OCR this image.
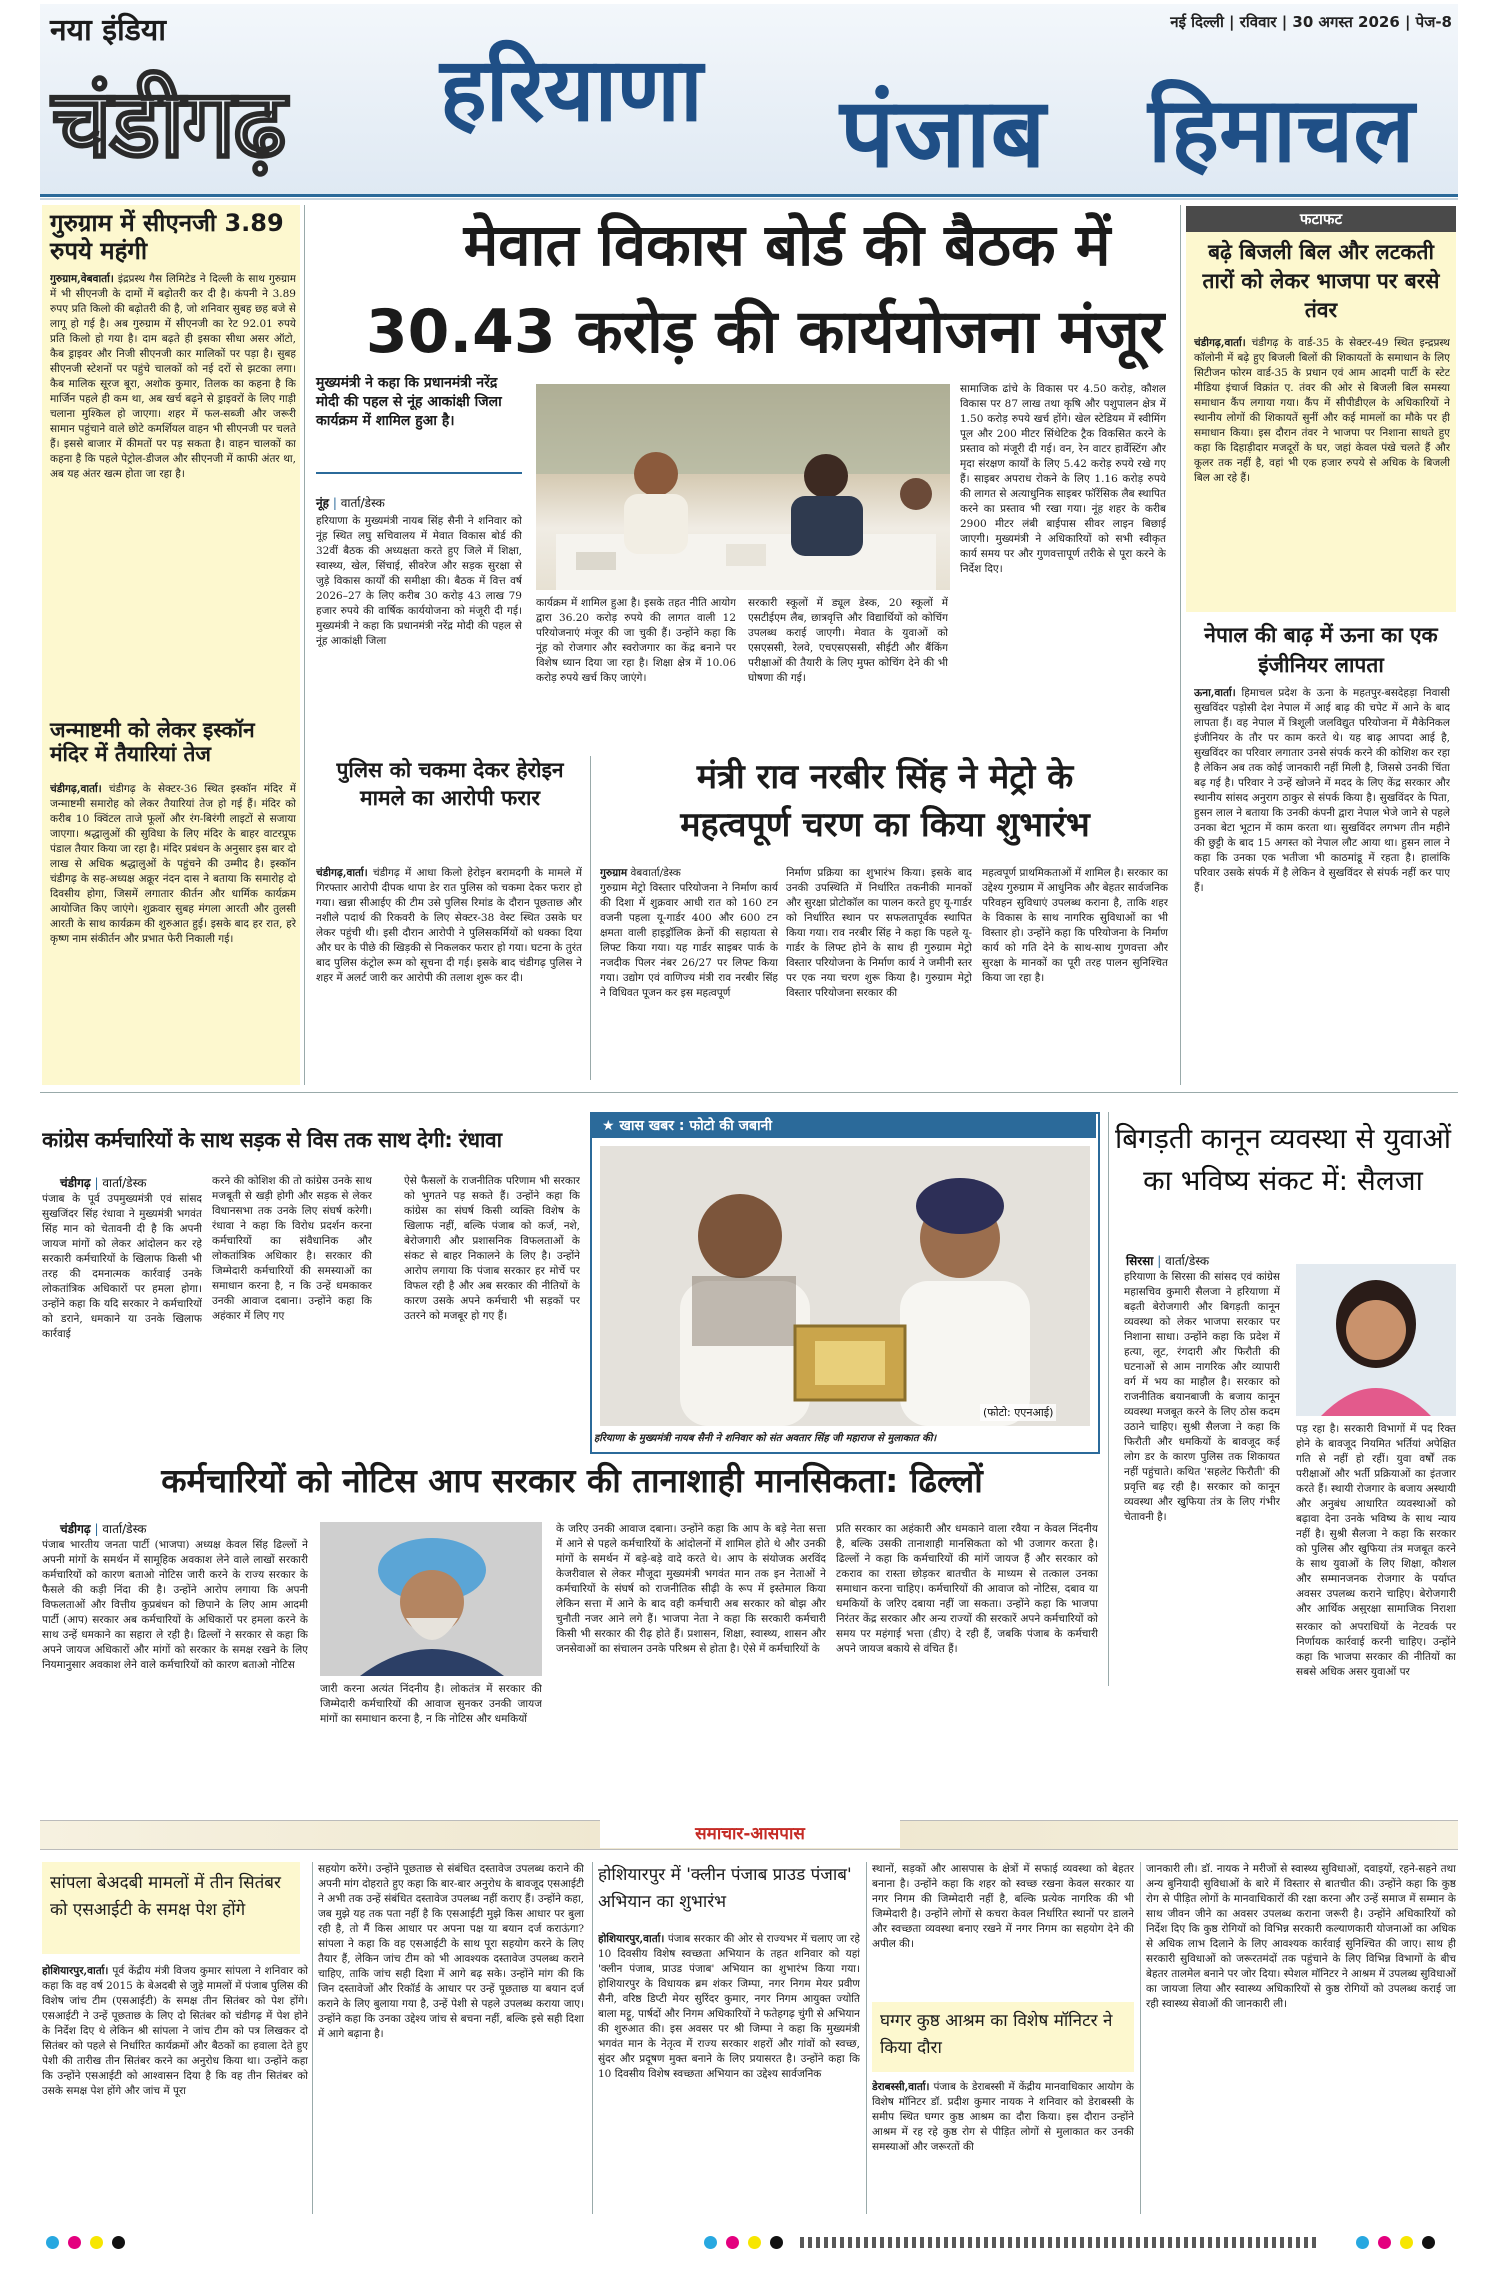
नया इंडिया
चंडीगढ़ हरियाणा पंजाब हिमाचल
नई दिल्ली | रविवार | 30 अगस्त 2026 | पेज-8
गुरुग्राम में सीएनजी 3.89 रुपये महंगी

गुरुग्राम,वेबवार्ता। इंद्रप्रस्थ गैस लिमिटेड ने दिल्ली के साथ गुरुग्राम में भी सीएनजी के दामों में बढ़ोतरी कर दी है। कंपनी ने 3.89 रुपए प्रति किलो की बढ़ोतरी की है, जो शनिवार सुबह छह बजे से लागू हो गई है। अब गुरुग्राम में सीएनजी का रेट 92.01 रुपये प्रति किलो हो गया है। दाम बढ़ते ही इसका सीधा असर ऑटो, कैब ड्राइवर और निजी सीएनजी कार मालिकों पर पड़ा है। सुबह सीएनजी स्टेशनों पर पहुंचे चालकों को नई दरों से झटका लगा। कैब मालिक सूरज बूरा, अशोक कुमार, तिलक का कहना है कि मार्जिन पहले ही कम था, अब खर्च बढ़ने से ड्राइवरों के लिए गाड़ी चलाना मुश्किल हो जाएगा। शहर में फल-सब्जी और जरूरी सामान पहुंचाने वाले छोटे कमर्शियल वाहन भी सीएनजी पर चलते हैं। इससे बाजार में कीमतों पर पड़ सकता है। वाहन चालकों का कहना है कि पहले पेट्रोल-डीजल और सीएनजी में काफी अंतर था, अब यह अंतर खत्म होता जा रहा है।

जन्माष्टमी को लेकर इस्कॉन मंदिर में तैयारियां तेज

चंडीगढ़,वार्ता। चंडीगढ़ के सेक्टर-36 स्थित इस्कॉन मंदिर में जन्माष्टमी समारोह को लेकर तैयारियां तेज हो गई हैं। मंदिर को करीब 10 क्विंटल ताजे फूलों और रंग-बिरंगी लाइटों से सजाया जाएगा। श्रद्धालुओं की सुविधा के लिए मंदिर के बाहर वाटरप्रूफ पंडाल तैयार किया जा रहा है। मंदिर प्रबंधन के अनुसार इस बार दो लाख से अधिक श्रद्धालुओं के पहुंचने की उम्मीद है। इस्कॉन चंडीगढ़ के सह-अध्यक्ष अक्रूर नंदन दास ने बताया कि समारोह दो दिवसीय होगा, जिसमें लगातार कीर्तन और धार्मिक कार्यक्रम आयोजित किए जाएंगे। शुक्रवार सुबह मंगला आरती और तुलसी आरती के साथ कार्यक्रम की शुरुआत हुई। इसके बाद हर रात, हरे कृष्ण नाम संकीर्तन और प्रभात फेरी निकाली गई।

मेवात विकास बोर्ड की बैठक में
30.43 करोड़ की कार्ययोजना मंजूर
मुख्यमंत्री ने कहा कि प्रधानमंत्री नरेंद्र मोदी की पहल से नूंह आकांक्षी जिला कार्यक्रम में शामिल हुआ है।
नूंह | वार्ता/डेस्क

हरियाणा के मुख्यमंत्री नायब सिंह सैनी ने शनिवार को नूंह स्थित लघु सचिवालय में मेवात विकास बोर्ड की 32वीं बैठक की अध्यक्षता करते हुए जिले में शिक्षा, स्वास्थ्य, खेल, सिंचाई, सीवरेज और सड़क सुरक्षा से जुड़े विकास कार्यों की समीक्षा की। बैठक में वित्त वर्ष 2026–27 के लिए करीब 30 करोड़ 43 लाख 79 हजार रुपये की वार्षिक कार्ययोजना को मंजूरी दी गई। मुख्यमंत्री ने कहा कि प्रधानमंत्री नरेंद्र मोदी की पहल से नूंह आकांक्षी जिला

कार्यक्रम में शामिल हुआ है। इसके तहत नीति आयोग द्वारा 36.20 करोड़ रुपये की लागत वाली 12 परियोजनाएं मंजूर की जा चुकी हैं। उन्होंने कहा कि नूंह को रोजगार और स्वरोजगार का केंद्र बनाने पर विशेष ध्यान दिया जा रहा है। शिक्षा क्षेत्र में 10.06 करोड़ रुपये खर्च किए जाएंगे।

सरकारी स्कूलों में ड्यूल डेस्क, 20 स्कूलों में एसटीईएम लैब, छात्रवृत्ति और विद्यार्थियों को कोचिंग उपलब्ध कराई जाएगी। मेवात के युवाओं को एसएससी, रेलवे, एचएसएससी, सीईटी और बैंकिंग परीक्षाओं की तैयारी के लिए मुफ्त कोचिंग देने की भी घोषणा की गई।

सामाजिक ढांचे के विकास पर 4.50 करोड़, कौशल विकास पर 87 लाख तथा कृषि और पशुपालन क्षेत्र में 1.50 करोड़ रुपये खर्च होंगे। खेल स्टेडियम में स्वीमिंग पूल और 200 मीटर सिंथेटिक ट्रैक विकसित करने के प्रस्ताव को मंजूरी दी गई। वन, रेन वाटर हार्वेस्टिंग और मृदा संरक्षण कार्यों के लिए 5.42 करोड़ रुपये रखे गए हैं। साइबर अपराध रोकने के लिए 1.16 करोड़ रुपये की लागत से अत्याधुनिक साइबर फॉरेंसिक लैब स्थापित करने का प्रस्ताव भी रखा गया। नूंह शहर के करीब 2900 मीटर लंबी बाईपास सीवर लाइन बिछाई जाएगी। मुख्यमंत्री ने अधिकारियों को सभी स्वीकृत कार्य समय पर और गुणवत्तापूर्ण तरीके से पूरा करने के निर्देश दिए।

पुलिस को चकमा देकर हेरोइन मामले का आरोपी फरार

चंडीगढ़,वार्ता। चंडीगढ़ में आधा किलो हेरोइन बरामदगी के मामले में गिरफ्तार आरोपी दीपक थापा डेर रात पुलिस को चकमा देकर फरार हो गया। खन्ना सीआईए की टीम उसे पुलिस रिमांड के दौरान पूछताछ और नशीले पदार्थ की रिकवरी के लिए सेक्टर-38 वेस्ट स्थित उसके घर लेकर पहुंची थी। इसी दौरान आरोपी ने पुलिसकर्मियों को धक्का दिया और घर के पीछे की खिड़की से निकलकर फरार हो गया। घटना के तुरंत बाद पुलिस कंट्रोल रूम को सूचना दी गई। इसके बाद चंडीगढ़ पुलिस ने शहर में अलर्ट जारी कर आरोपी की तलाश शुरू कर दी।

मंत्री राव नरबीर सिंह ने मेट्रो के
महत्वपूर्ण चरण का किया शुभारंभ

गुरुग्राम वेबवार्ता/डेस्क
गुरुग्राम मेट्रो विस्तार परियोजना ने निर्माण कार्य की दिशा में शुक्रवार आधी रात को 160 टन वजनी पहला यू-गार्डर 400 और 600 टन क्षमता वाली हाइड्रॉलिक क्रेनों की सहायता से लिफ्ट किया गया। यह गार्डर साइबर पार्क के नजदीक पिलर नंबर 26/27 पर लिफ्ट किया गया। उद्योग एवं वाणिज्य मंत्री राव नरबीर सिंह ने विधिवत पूजन कर इस महत्वपूर्ण

निर्माण प्रक्रिया का शुभारंभ किया। इसके बाद उनकी उपस्थिति में निर्धारित तकनीकी मानकों और सुरक्षा प्रोटोकॉल का पालन करते हुए यू-गार्डर को निर्धारित स्थान पर सफलतापूर्वक स्थापित किया गया। राव नरबीर सिंह ने कहा कि पहले यू-गार्डर के लिफ्ट होने के साथ ही गुरुग्राम मेट्रो विस्तार परियोजना के निर्माण कार्य ने जमीनी स्तर पर एक नया चरण शुरू किया है। गुरुग्राम मेट्रो विस्तार परियोजना सरकार की

महत्वपूर्ण प्राथमिकताओं में शामिल है। सरकार का उद्देश्य गुरुग्राम में आधुनिक और बेहतर सार्वजनिक परिवहन सुविधाएं उपलब्ध कराना है, ताकि शहर के विकास के साथ नागरिक सुविधाओं का भी विस्तार हो। उन्होंने कहा कि परियोजना के निर्माण कार्य को गति देने के साथ-साथ गुणवत्ता और सुरक्षा के मानकों का पूरी तरह पालन सुनिश्चित किया जा रहा है।

फटाफट
बढ़े बिजली बिल और लटकती तारों को लेकर भाजपा पर बरसे तंवर

चंडीगढ़,वार्ता। चंडीगढ़ के वार्ड-35 के सेक्टर-49 स्थित इन्द्रप्रस्थ कॉलोनी में बढ़े हुए बिजली बिलों की शिकायतों के समाधान के लिए सिटीजन फोरम वार्ड-35 के प्रधान एवं आम आदमी पार्टी के स्टेट मीडिया इंचार्ज विक्रांत ए. तंवर की ओर से बिजली बिल समस्या समाधान कैंप लगाया गया। कैंप में सीपीडीएल के अधिकारियों ने स्थानीय लोगों की शिकायतें सुनीं और कई मामलों का मौके पर ही समाधान किया। इस दौरान तंवर ने भाजपा पर निशाना साधते हुए कहा कि दिहाड़ीदार मजदूरों के घर, जहां केवल पंखे चलते हैं और कूलर तक नहीं है, वहां भी एक हजार रुपये से अधिक के बिजली बिल आ रहे हैं।

नेपाल की बाढ़ में ऊना का एक इंजीनियर लापता

ऊना,वार्ता। हिमाचल प्रदेश के ऊना के महतपुर-बसदेहड़ा निवासी सुखविंदर पड़ोसी देश नेपाल में आई बाढ़ की चपेट में आने के बाद लापता हैं। वह नेपाल में त्रिशूली जलविद्युत परियोजना में मैकेनिकल इंजीनियर के तौर पर काम करते थे। यह बाढ़ आपदा आई है, सुखविंदर का परिवार लगातार उनसे संपर्क करने की कोशिश कर रहा है लेकिन अब तक कोई जानकारी नहीं मिली है, जिससे उनकी चिंता बढ़ गई है। परिवार ने उन्हें खोजने में मदद के लिए केंद्र सरकार और स्थानीय सांसद अनुराग ठाकुर से संपर्क किया है। सुखविंदर के पिता, हुसन लाल ने बताया कि उनकी कंपनी द्वारा नेपाल भेजे जाने से पहले उनका बेटा भूटान में काम करता था। सुखविंदर लगभग तीन महीने की छुट्टी के बाद 15 अगस्त को नेपाल लौट आया था। हुसन लाल ने कहा कि उनका एक भतीजा भी काठमांडू में रहता है। हालांकि परिवार उसके संपर्क में है लेकिन वे सुखविंदर से संपर्क नहीं कर पाए हैं।

कांग्रेस कर्मचारियों के साथ सड़क से विस तक साथ देगी: रंधावा
चंडीगढ़ | वार्ता/डेस्क

पंजाब के पूर्व उपमुख्यमंत्री एवं सांसद सुखजिंदर सिंह रंधावा ने मुख्यमंत्री भगवंत सिंह मान को चेतावनी दी है कि अपनी जायज मांगों को लेकर आंदोलन कर रहे सरकारी कर्मचारियों के खिलाफ किसी भी तरह की दमनात्मक कार्रवाई उनके लोकतांत्रिक अधिकारों पर हमला होगा। उन्होंने कहा कि यदि सरकार ने कर्मचारियों को डराने, धमकाने या उनके खिलाफ कार्रवाई

करने की कोशिश की तो कांग्रेस उनके साथ मजबूती से खड़ी होगी और सड़क से लेकर विधानसभा तक उनके लिए संघर्ष करेगी। रंधावा ने कहा कि विरोध प्रदर्शन करना कर्मचारियों का संवैधानिक और लोकतांत्रिक अधिकार है। सरकार की जिम्मेदारी कर्मचारियों की समस्याओं का समाधान करना है, न कि उन्हें धमकाकर उनकी आवाज दबाना। उन्होंने कहा कि अहंकार में लिए गए

ऐसे फैसलों के राजनीतिक परिणाम भी सरकार को भुगतने पड़ सकते हैं। उन्होंने कहा कि कांग्रेस का संघर्ष किसी व्यक्ति विशेष के खिलाफ नहीं, बल्कि पंजाब को कर्ज, नशे, बेरोजगारी और प्रशासनिक विफलताओं के संकट से बाहर निकालने के लिए है। उन्होंने आरोप लगाया कि पंजाब सरकार हर मोर्चे पर विफल रही है और अब सरकार की नीतियों के कारण उसके अपने कर्मचारी भी सड़कों पर उतरने को मजबूर हो गए हैं।

★ खास खबर : फोटो की जबानी
(फोटो: एएनआई)
हरियाणा के मुख्यमंत्री नायब सैनी ने शनिवार को संत अवतार सिंह जी महाराज से मुलाकात की।
बिगड़ती कानून व्यवस्था से युवाओं का भविष्य संकट में: सैलजा
सिरसा | वार्ता/डेस्क

हरियाणा के सिरसा की सांसद एवं कांग्रेस महासचिव कुमारी सैलजा ने हरियाणा में बढ़ती बेरोजगारी और बिगड़ती कानून व्यवस्था को लेकर भाजपा सरकार पर निशाना साधा। उन्होंने कहा कि प्रदेश में हत्या, लूट, रंगदारी और फिरौती की घटनाओं से आम नागरिक और व्यापारी वर्ग में भय का माहौल है। सरकार को राजनीतिक बयानबाजी के बजाय कानून व्यवस्था मजबूत करने के लिए ठोस कदम उठाने चाहिए। सुश्री सैलजा ने कहा कि फिरौती और धमकियों के बावजूद कई लोग डर के कारण पुलिस तक शिकायत नहीं पहुंचाते। कथित 'सहलेट फिरौती' की प्रवृत्ति बढ़ रही है। सरकार को कानून व्यवस्था और खुफिया तंत्र के लिए गंभीर चेतावनी है।

पड़ रहा है। सरकारी विभागों में पद रिक्त होने के बावजूद नियमित भर्तियां अपेक्षित गति से नहीं हो रहीं। युवा वर्षों तक परीक्षाओं और भर्ती प्रक्रियाओं का इंतजार करते हैं। स्थायी रोजगार के बजाय अस्थायी और अनुबंध आधारित व्यवस्थाओं को बढ़ावा देना उनके भविष्य के साथ न्याय नहीं है। सुश्री सैलजा ने कहा कि सरकार को पुलिस और खुफिया तंत्र मजबूत करने के साथ युवाओं के लिए शिक्षा, कौशल और सम्मानजनक रोजगार के पर्याप्त अवसर उपलब्ध कराने चाहिए। बेरोजगारी और आर्थिक असुरक्षा सामाजिक निराशा

सरकार को अपराधियों के नेटवर्क पर निर्णायक कार्रवाई करनी चाहिए। उन्होंने कहा कि भाजपा सरकार की नीतियों का सबसे अधिक असर युवाओं पर

कर्मचारियों को नोटिस आप सरकार की तानाशाही मानसिकता: ढिल्लों
चंडीगढ़ | वार्ता/डेस्क

पंजाब भारतीय जनता पार्टी (भाजपा) अध्यक्ष केवल सिंह ढिल्लों ने अपनी मांगों के समर्थन में सामूहिक अवकाश लेने वाले लाखों सरकारी कर्मचारियों को कारण बताओ नोटिस जारी करने के राज्य सरकार के फैसले की कड़ी निंदा की है। उन्होंने आरोप लगाया कि अपनी विफलताओं और वित्तीय कुप्रबंधन को छिपाने के लिए आम आदमी पार्टी (आप) सरकार अब कर्मचारियों के अधिकारों पर हमला करने के साथ उन्हें धमकाने का सहारा ले रही है। ढिल्लों ने सरकार से कहा कि अपने जायज अधिकारों और मांगों को सरकार के समक्ष रखने के लिए नियमानुसार अवकाश लेने वाले कर्मचारियों को कारण बताओ नोटिस

जारी करना अत्यंत निंदनीय है। लोकतंत्र में सरकार की जिम्मेदारी कर्मचारियों की आवाज सुनकर उनकी जायज मांगों का समाधान करना है, न कि नोटिस और धमकियों

के जरिए उनकी आवाज दबाना। उन्होंने कहा कि आप के बड़े नेता सत्ता में आने से पहले कर्मचारियों के आंदोलनों में शामिल होते थे और उनकी मांगों के समर्थन में बड़े-बड़े वादे करते थे। आप के संयोजक अरविंद केजरीवाल से लेकर मौजूदा मुख्यमंत्री भगवंत मान तक इन नेताओं ने कर्मचारियों के संघर्ष को राजनीतिक सीढ़ी के रूप में इस्तेमाल किया लेकिन सत्ता में आने के बाद वही कर्मचारी अब सरकार को बोझ और चुनौती नजर आने लगे हैं। भाजपा नेता ने कहा कि सरकारी कर्मचारी किसी भी सरकार की रीढ़ होते हैं। प्रशासन, शिक्षा, स्वास्थ्य, शासन और जनसेवाओं का संचालन उनके परिश्रम से होता है। ऐसे में कर्मचारियों के

प्रति सरकार का अहंकारी और धमकाने वाला रवैया न केवल निंदनीय है, बल्कि उसकी तानाशाही मानसिकता को भी उजागर करता है। ढिल्लों ने कहा कि कर्मचारियों की मांगें जायज हैं और सरकार को टकराव का रास्ता छोड़कर बातचीत के माध्यम से तत्काल उनका समाधान करना चाहिए। कर्मचारियों की आवाज को नोटिस, दबाव या धमकियों के जरिए दबाया नहीं जा सकता। उन्होंने कहा कि भाजपा निरंतर केंद्र सरकार और अन्य राज्यों की सरकारें अपने कर्मचारियों को समय पर महंगाई भत्ता (डीए) दे रही हैं, जबकि पंजाब के कर्मचारी अपने जायज बकाये से वंचित हैं।

समाचार-आसपास
सांपला बेअदबी मामलों में तीन सितंबर को एसआईटी के समक्ष पेश होंगे

होशियारपुर,वार्ता। पूर्व केंद्रीय मंत्री विजय कुमार सांपला ने शनिवार को कहा कि वह वर्ष 2015 के बेअदबी से जुड़े मामलों में पंजाब पुलिस की विशेष जांच टीम (एसआईटी) के समक्ष तीन सितंबर को पेश होंगे। एसआईटी ने उन्हें पूछताछ के लिए दो सितंबर को चंडीगढ़ में पेश होने के निर्देश दिए थे लेकिन श्री सांपला ने जांच टीम को पत्र लिखकर दो सितंबर को पहले से निर्धारित कार्यक्रमों और बैठकों का हवाला देते हुए पेशी की तारीख तीन सितंबर करने का अनुरोध किया था। उन्होंने कहा कि उन्होंने एसआईटी को आश्वासन दिया है कि वह तीन सितंबर को उसके समक्ष पेश होंगे और जांच में पूरा

सहयोग करेंगे। उन्होंने पूछताछ से संबंधित दस्तावेज उपलब्ध कराने की अपनी मांग दोहराते हुए कहा कि बार-बार अनुरोध के बावजूद एसआईटी ने अभी तक उन्हें संबंधित दस्तावेज उपलब्ध नहीं कराए हैं। उन्होंने कहा, जब मुझे यह तक पता नहीं है कि एसआईटी मुझे किस आधार पर बुला रही है, तो मैं किस आधार पर अपना पक्ष या बयान दर्ज कराऊंगा? सांपला ने कहा कि वह एसआईटी के साथ पूरा सहयोग करने के लिए तैयार हैं, लेकिन जांच टीम को भी आवश्यक दस्तावेज उपलब्ध कराने चाहिए, ताकि जांच सही दिशा में आगे बढ़ सके। उन्होंने मांग की कि जिन दस्तावेजों और रिकॉर्ड के आधार पर उन्हें पूछताछ या बयान दर्ज कराने के लिए बुलाया गया है, उन्हें पेशी से पहले उपलब्ध कराया जाए। उन्होंने कहा कि उनका उद्देश्य जांच से बचना नहीं, बल्कि इसे सही दिशा में आगे बढ़ाना है।

होशियारपुर में 'क्लीन पंजाब प्राउड पंजाब' अभियान का शुभारंभ

होशियारपुर,वार्ता। पंजाब सरकार की ओर से राज्यभर में चलाए जा रहे 10 दिवसीय विशेष स्वच्छता अभियान के तहत शनिवार को यहां 'क्लीन पंजाब, प्राउड पंजाब' अभियान का शुभारंभ किया गया। होशियारपुर के विधायक ब्रम शंकर जिम्पा, नगर निगम मेयर प्रवीण सैनी, वरिष्ठ डिप्टी मेयर सुरिंदर कुमार, नगर निगम आयुक्त ज्योति बाला मट्टू, पार्षदों और निगम अधिकारियों ने फतेहगढ़ चुंगी से अभियान की शुरुआत की। इस अवसर पर श्री जिम्पा ने कहा कि मुख्यमंत्री भगवंत मान के नेतृत्व में राज्य सरकार शहरों और गांवों को स्वच्छ, सुंदर और प्रदूषण मुक्त बनाने के लिए प्रयासरत है। उन्होंने कहा कि 10 दिवसीय विशेष स्वच्छता अभियान का उद्देश्य सार्वजनिक

स्थानों, सड़कों और आसपास के क्षेत्रों में सफाई व्यवस्था को बेहतर बनाना है। उन्होंने कहा कि शहर को स्वच्छ रखना केवल सरकार या नगर निगम की जिम्मेदारी नहीं है, बल्कि प्रत्येक नागरिक की भी जिम्मेदारी है। उन्होंने लोगों से कचरा केवल निर्धारित स्थानों पर डालने और स्वच्छता व्यवस्था बनाए रखने में नगर निगम का सहयोग देने की अपील की।

घग्गर कुष्ठ आश्रम का विशेष मॉनिटर ने किया दौरा

डेराबस्सी,वार्ता। पंजाब के डेराबस्सी में केंद्रीय मानवाधिकार आयोग के विशेष मॉनिटर डॉ. प्रदीश कुमार नायक ने शनिवार को डेराबस्सी के समीप स्थित घग्गर कुष्ठ आश्रम का दौरा किया। इस दौरान उन्होंने आश्रम में रह रहे कुष्ठ रोग से पीड़ित लोगों से मुलाकात कर उनकी समस्याओं और जरूरतों की

जानकारी ली। डॉ. नायक ने मरीजों से स्वास्थ्य सुविधाओं, दवाइयों, रहने-सहने तथा अन्य बुनियादी सुविधाओं के बारे में विस्तार से बातचीत की। उन्होंने कहा कि कुष्ठ रोग से पीड़ित लोगों के मानवाधिकारों की रक्षा करना और उन्हें समाज में सम्मान के साथ जीवन जीने का अवसर उपलब्ध कराना जरूरी है। उन्होंने अधिकारियों को निर्देश दिए कि कुष्ठ रोगियों को विभिन्न सरकारी कल्याणकारी योजनाओं का अधिक से अधिक लाभ दिलाने के लिए आवश्यक कार्रवाई सुनिश्चित की जाए। साथ ही सरकारी सुविधाओं को जरूरतमंदों तक पहुंचाने के लिए विभिन्न विभागों के बीच बेहतर तालमेल बनाने पर जोर दिया। स्पेशल मॉनिटर ने आश्रम में उपलब्ध सुविधाओं का जायजा लिया और स्वास्थ्य अधिकारियों से कुष्ठ रोगियों को उपलब्ध कराई जा रही स्वास्थ्य सेवाओं की जानकारी ली।
